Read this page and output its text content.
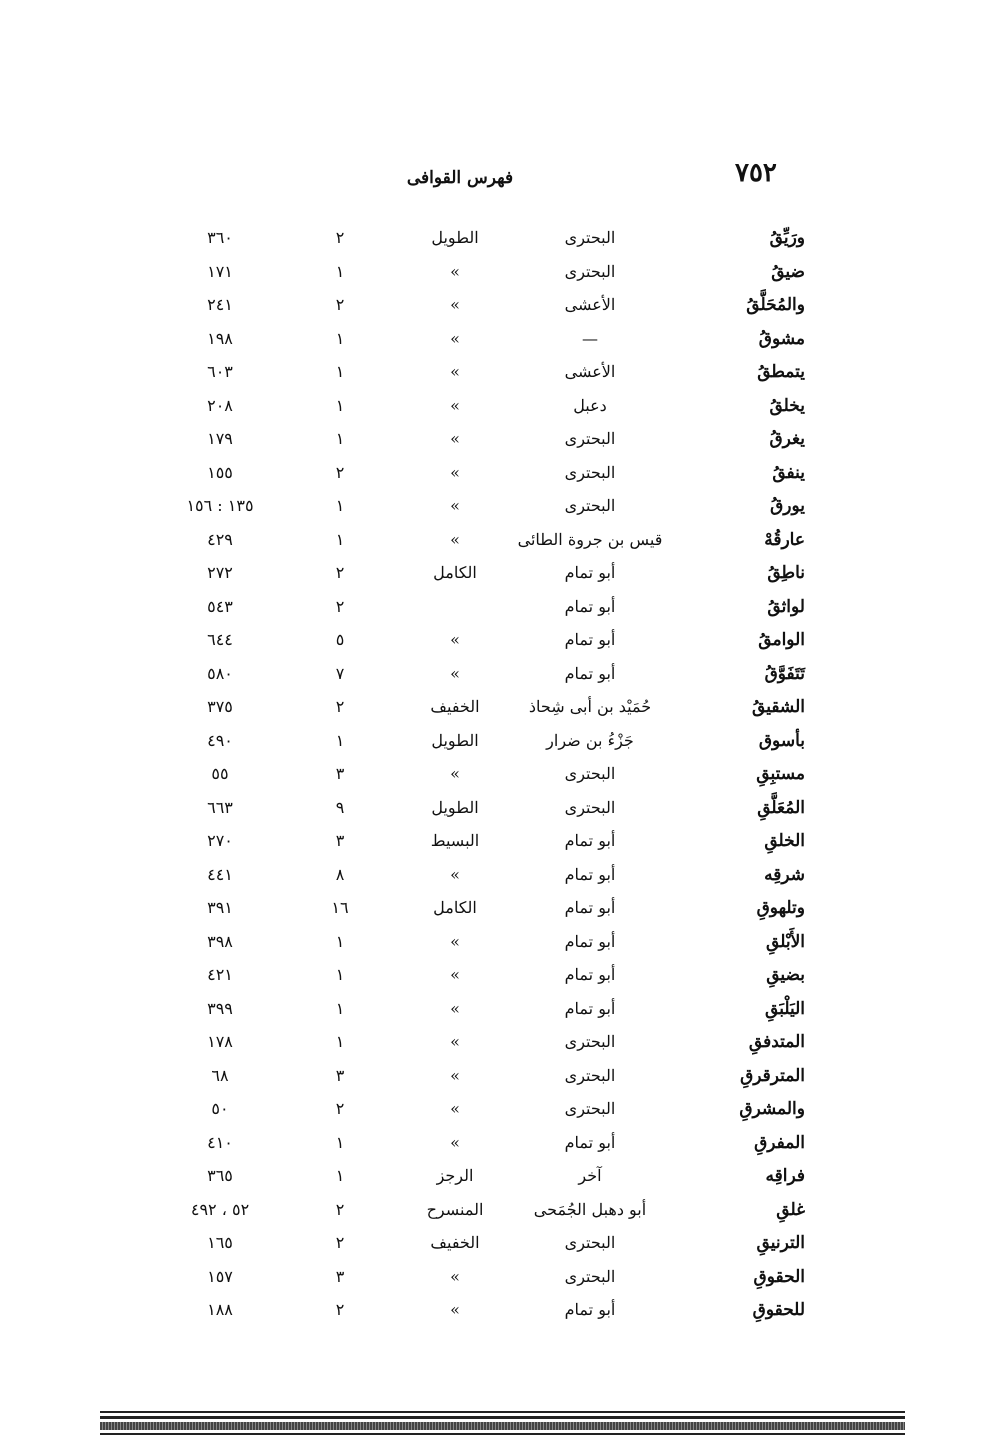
٧٥٢
فهرس القوافى
ورَيِّقُ
البحترى
الطويل
٢
٣٦٠
ضيقُ
البحترى
»
١
١٧١
والمُحَلَّقُ
الأعشى
»
٢
٢٤١
مشوقُ
—
»
١
١٩٨
يتمطقُ
الأعشى
»
١
٦٠٣
يخلقُ
دعبل
»
١
٢٠٨
يغرقُ
البحترى
»
١
١٧٩
ينفقُ
البحترى
»
٢
١٥٥
يورقُ
البحترى
»
١
١٣٥ : ١٥٦
عارقُهْ
قيس بن جروة الطائى
»
١
٤٢٩
ناطِقُ
أبو تمام
الكامل
٢
٢٧٢
لواثقُ
أبو تمام
٢
٥٤٣
الوامقُ
أبو تمام
»
٥
٦٤٤
تَتَفَوَّقُ
أبو تمام
»
٧
٥٨٠
الشقيقُ
حُمَيْد بن أبى شِحاذ
الخفيف
٢
٣٧٥
بأسوق
جَزْءُ بن ضرار
الطويل
١
٤٩٠
مستبِقِ
البحترى
»
٣
٥٥
المُعَلَّقِ
البحترى
الطويل
٩
٦٦٣
الخلقِ
أبو تمام
البسيط
٣
٢٧٠
شرقِه
أبو تمام
»
٨
٤٤١
وتلهوقِ
أبو تمام
الكامل
١٦
٣٩١
الأَبْلقِ
أبو تمام
»
١
٣٩٨
بضيقِ
أبو تمام
»
١
٤٢١
اليَلْبَقِ
أبو تمام
»
١
٣٩٩
المتدفقِ
البحترى
»
١
١٧٨
المترقرقِ
البحترى
»
٣
٦٨
والمشرقِ
البحترى
»
٢
٥٠
المفرقِ
أبو تمام
»
١
٤١٠
فراقِه
آخر
الرجز
١
٣٦٥
غلقِ
أبو دهبل الجُمَحى
المنسرح
٢
٥٢ ، ٤٩٢
الترنيقِ
البحترى
الخفيف
٢
١٦٥
الحقوقِ
البحترى
»
٣
١٥٧
للحقوقِ
أبو تمام
»
٢
١٨٨
